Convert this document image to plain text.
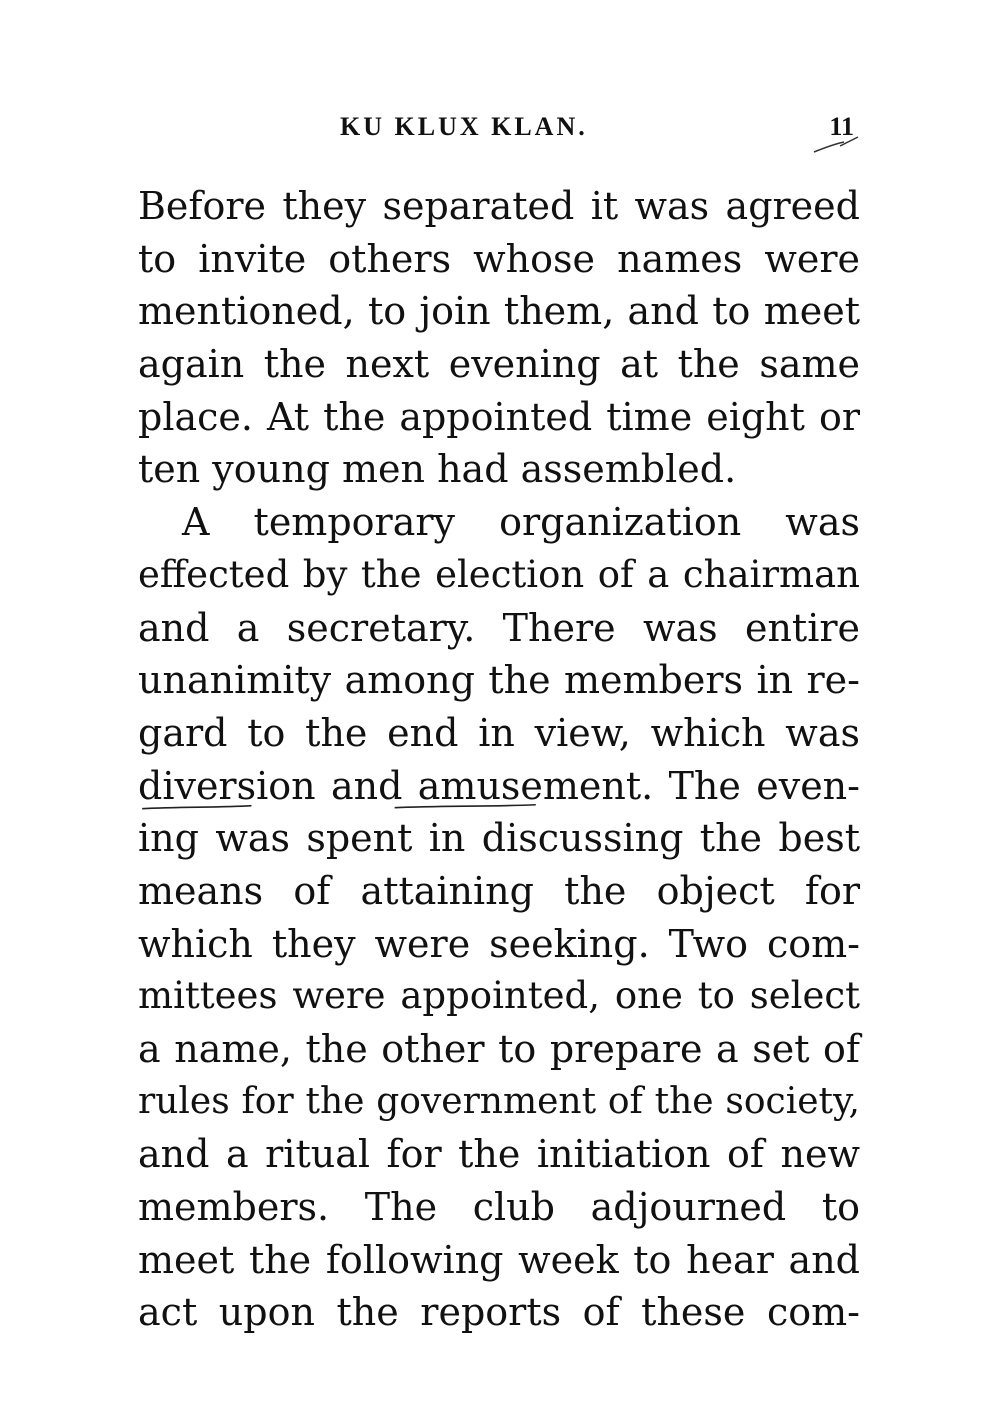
KU KLUX KLAN.	11
Before they separated it was agreed
to invite others whose names were
mentioned, to join them, and to meet
again the next evening at the same
place. At the appointed time eight or
ten young men had assembled.
A temporary organization was
effected by the election of a chairman
and a secretary. There was entire
unanimity among the members in re-
gard to the end in view, which was
diversion and amusement. The even-
ing was spent in discussing the best
means of attaining the object for
which they were seeking. Two com-
mittees were appointed, one to select
a name, the other to prepare a set of
rules for the government of the society,
and a ritual for the initiation of new
members. The club adjourned to
meet the following week to hear and
act upon the reports of these com-
